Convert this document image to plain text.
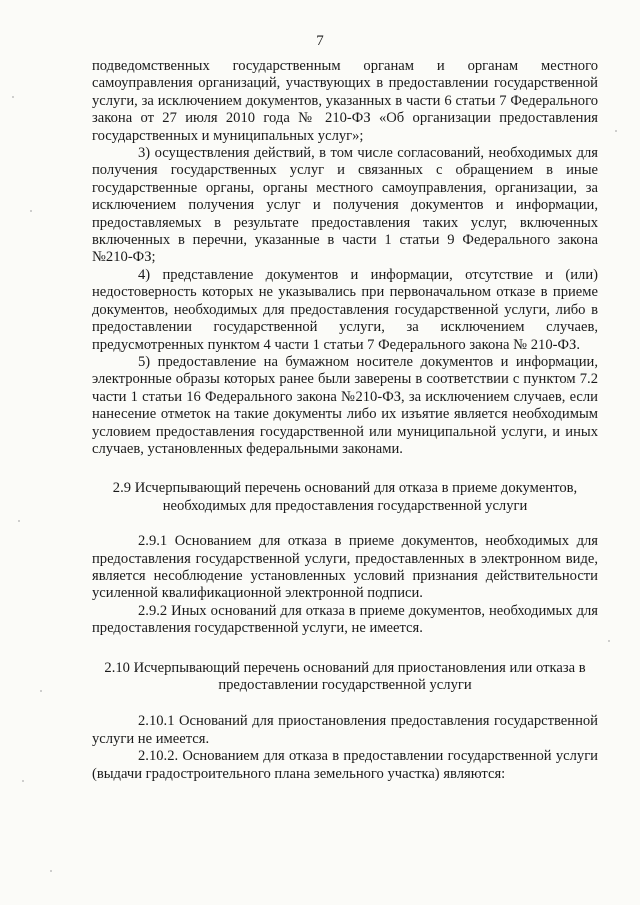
7

подведомственных государственным органам и органам местного самоуправления организаций, участвующих в предоставлении государственной услуги, за исключением документов, указанных в части 6 статьи 7 Федерального закона от 27 июля 2010 года № 210-ФЗ «Об организации предоставления государственных и муниципальных услуг»;

3) осуществления действий, в том числе согласований, необходимых для получения государственных услуг и связанных с обращением в иные государственные органы, органы местного самоуправления, организации, за исключением получения услуг и получения документов и информации, предоставляемых в результате предоставления таких услуг, включенных включенных в перечни, указанные в части 1 статьи 9 Федерального закона №210-ФЗ;

4) представление документов и информации, отсутствие и (или) недостоверность которых не указывались при первоначальном отказе в приеме документов, необходимых для предоставления государственной услуги, либо в предоставлении государственной услуги, за исключением случаев, предусмотренных пунктом 4 части 1 статьи 7 Федерального закона № 210-ФЗ.

5) предоставление на бумажном носителе документов и информации, электронные образы которых ранее были заверены в соответствии с пунктом 7.2 части 1 статьи 16 Федерального закона №210-ФЗ, за исключением случаев, если нанесение отметок на такие документы либо их изъятие является необходимым условием предоставления государственной или муниципальной услуги, и иных случаев, установленных федеральными законами.

2.9 Исчерпывающий перечень оснований для отказа в приеме документов, необходимых для предоставления государственной услуги

2.9.1 Основанием для отказа в приеме документов, необходимых для предоставления государственной услуги, предоставленных в электронном виде, является несоблюдение установленных условий признания действительности усиленной квалификационной электронной подписи.

2.9.2 Иных оснований для отказа в приеме документов, необходимых для предоставления государственной услуги, не имеется.

2.10 Исчерпывающий перечень оснований для приостановления или отказа в предоставлении государственной услуги

2.10.1 Оснований для приостановления предоставления государственной услуги не имеется.

2.10.2. Основанием для отказа в предоставлении государственной услуги (выдачи градостроительного плана земельного участка) являются:
